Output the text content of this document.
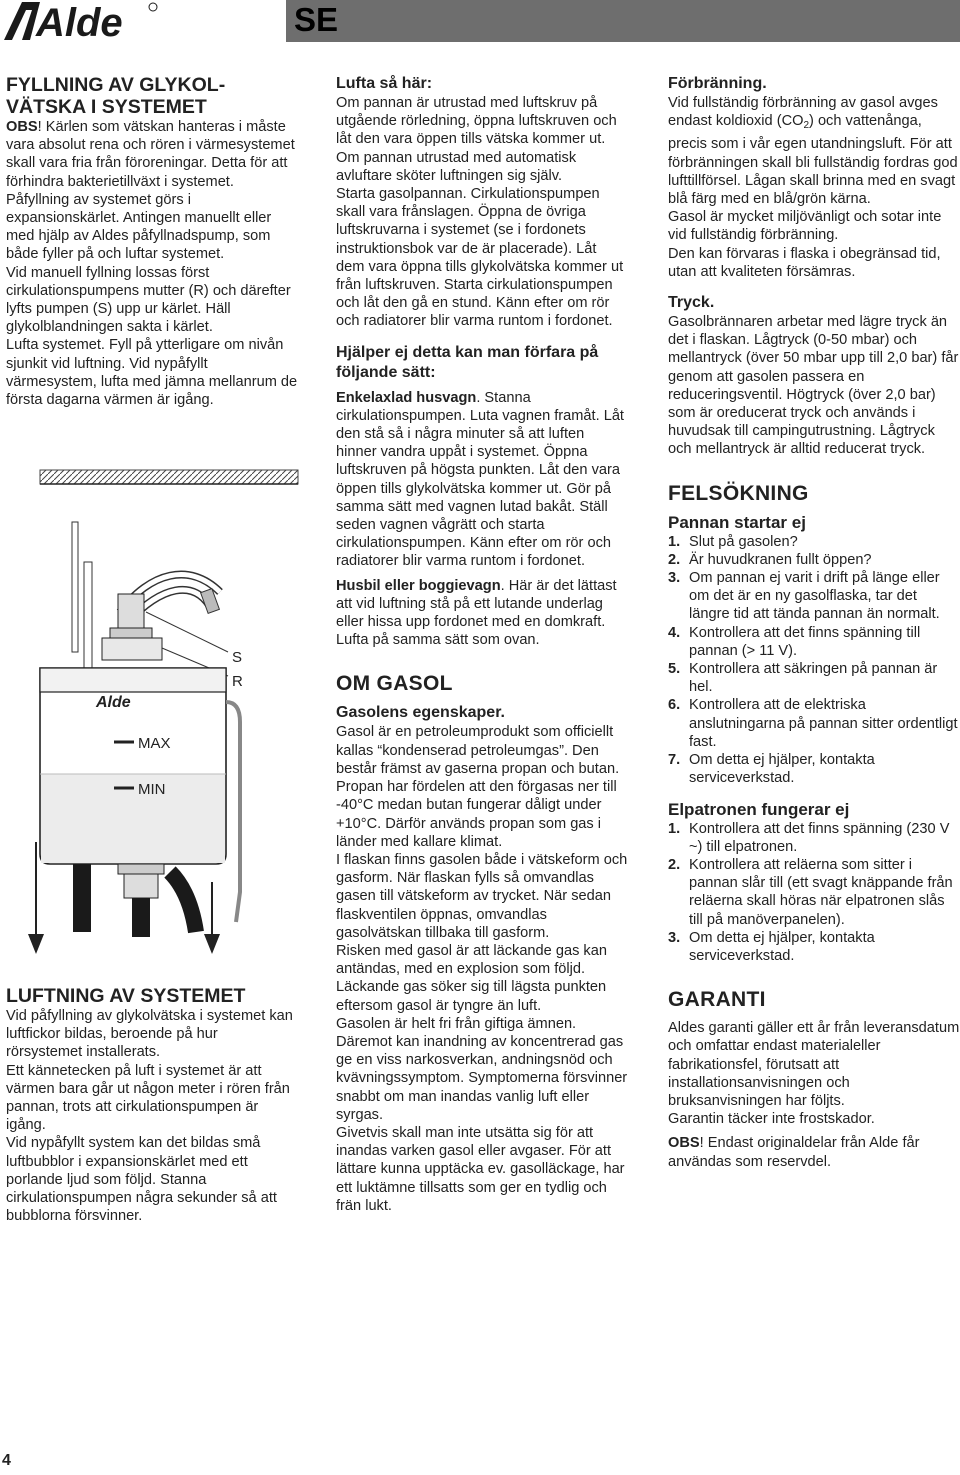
Alde	SE

FYLLNING AV GLYKOL-VÄTSKA I SYSTEMET

OBS! Kärlen som vätskan hanteras i måste vara absolut rena och rören i värmesystemet skall vara fria från föroreningar. Detta för att förhindra bakterietillväxt i systemet.

Påfyllning av systemet görs i expansionskärlet. Antingen manuellt eller med hjälp av Aldes påfyllnadspump, som både fyller på och luftar systemet.

Vid manuell fyllning lossas först cirkulationspumpens mutter (R) och därefter lyfts pumpen (S) upp ur kärlet. Häll glykolblandningen sakta i kärlet.

Lufta systemet. Fyll på ytterligare om nivån sjunkit vid luftning. Vid nypåfyllt värmesystem, lufta med jämna mellanrum de första dagarna värmen är igång.

S
R
Alde
MAX
MIN

LUFTNING AV SYSTEMET

Vid påfyllning av glykolvätska i systemet kan luftfickor bildas, beroende på hur rörsystemet installerats.

Ett kännetecken på luft i systemet är att värmen bara går ut någon meter i rören från pannan, trots att cirkulationspumpen är igång.

Vid nypåfyllt system kan det bildas små luftbubblor i expansionskärlet med ett porlande ljud som följd. Stanna cirkulationspumpen några sekunder så att bubblorna försvinner.

Lufta så här:

Om pannan är utrustad med luftskruv på utgående rörledning, öppna luftskruven och låt den vara öppen tills vätska kommer ut.

Om pannan utrustad med automatisk avluftare sköter luftningen sig själv.

Starta gasolpannan. Cirkulationspumpen skall vara frånslagen. Öppna de övriga luftskruvarna i systemet (se i fordonets instruktionsbok var de är placerade). Låt dem vara öppna tills glykolvätska kommer ut från luftskruven. Starta cirkulationspumpen och låt den gå en stund. Känn efter om rör och radiatorer blir varma runtom i fordonet.

Hjälper ej detta kan man förfara på följande sätt:

Enkelaxlad husvagn. Stanna cirkulationspumpen. Luta vagnen framåt. Låt den stå så i några minuter så att luften hinner vandra uppåt i systemet. Öppna luftskruven på högsta punkten. Låt den vara öppen tills glykolvätska kommer ut. Gör på samma sätt med vagnen lutad bakåt. Ställ seden vagnen vågrätt och starta cirkulationspumpen. Känn efter om rör och radiatorer blir varma runtom i fordonet.

Husbil eller boggievagn. Här är det lättast att vid luftning stå på ett lutande underlag eller hissa upp fordonet med en domkraft. Lufta på samma sätt som ovan.

OM GASOL

Gasolens egenskaper.

Gasol är en petroleumprodukt som officiellt kallas “kondenserad petroleumgas”. Den består främst av gaserna propan och butan. Propan har fördelen att den förgasas ner till -40°C medan butan fungerar dåligt under +10°C. Därför används propan som gas i länder med kallare klimat.

I flaskan finns gasolen både i vätskeform och gasform. När flaskan fylls så omvandlas gasen till vätskeform av trycket. När sedan flaskventilen öppnas, omvandlas gasolvätskan tillbaka till gasform.

Risken med gasol är att läckande gas kan antändas, med en explosion som följd. Läckande gas söker sig till lägsta punkten eftersom gasol är tyngre än luft.

Gasolen är helt fri från giftiga ämnen. Däremot kan inandning av koncentrerad gas ge en viss narkosverkan, andningsnöd och kvävningssymptom. Symptomerna försvinner snabbt om man inandas vanlig luft eller syrgas.

Givetvis skall man inte utsätta sig för att inandas varken gasol eller avgaser. För att lättare kunna upptäcka ev. gasolläckage, har ett luktämne tillsatts som ger en tydlig och frän lukt.

Förbränning.

Vid fullständig förbränning av gasol avges endast koldioxid $(CO_2)$ och vattenånga, precis som i vår egen utandningsluft. För att förbränningen skall bli fullständig fordras god lufttillförsel. Lågan skall brinna med en svagt blå färg med en blå/grön kärna.

Gasol är mycket miljövänligt och sotar inte vid fullständig förbränning.

Den kan förvaras i flaska i obegränsad tid, utan att kvaliteten försämras.

Tryck.

Gasolbrännaren arbetar med lägre tryck än det i flaskan. Lågtryck (0-50 mbar) och mellantryck (över 50 mbar upp till 2,0 bar) får genom att gasolen passera en reduceringsventil. Högtryck (över 2,0 bar) som är oreducerat tryck och används i huvudsak till campingutrustning. Lågtryck och mellantryck är alltid reducerat tryck.

FELSÖKNING

Pannan startar ej

1. Slut på gasolen?
2. Är huvudkranen fullt öppen?
3. Om pannan ej varit i drift på länge eller om det är en ny gasolflaska, tar det längre tid att tända pannan än normalt.
4. Kontrollera att det finns spänning till pannan (> 11 V).
5. Kontrollera att säkringen på pannan är hel.
6. Kontrollera att de elektriska anslutningarna på pannan sitter ordentligt fast.
7. Om detta ej hjälper, kontakta serviceverkstad.

Elpatronen fungerar ej

1. Kontrollera att det finns spänning (230 V ~) till elpatronen.
2. Kontrollera att reläerna som sitter i pannan slår till (ett svagt knäppande från reläerna skall höras när elpatronen slås till på manöverpanelen).
3. Om detta ej hjälper, kontakta serviceverkstad.

GARANTI

Aldes garanti gäller ett år från leveransdatum och omfattar endast materialeller fabrikationsfel, förutsatt att installationsanvisningen och bruksanvisningen har följts.

Garantin täcker inte frostskador.

OBS! Endast originaldelar från Alde får användas som reservdel.

4
